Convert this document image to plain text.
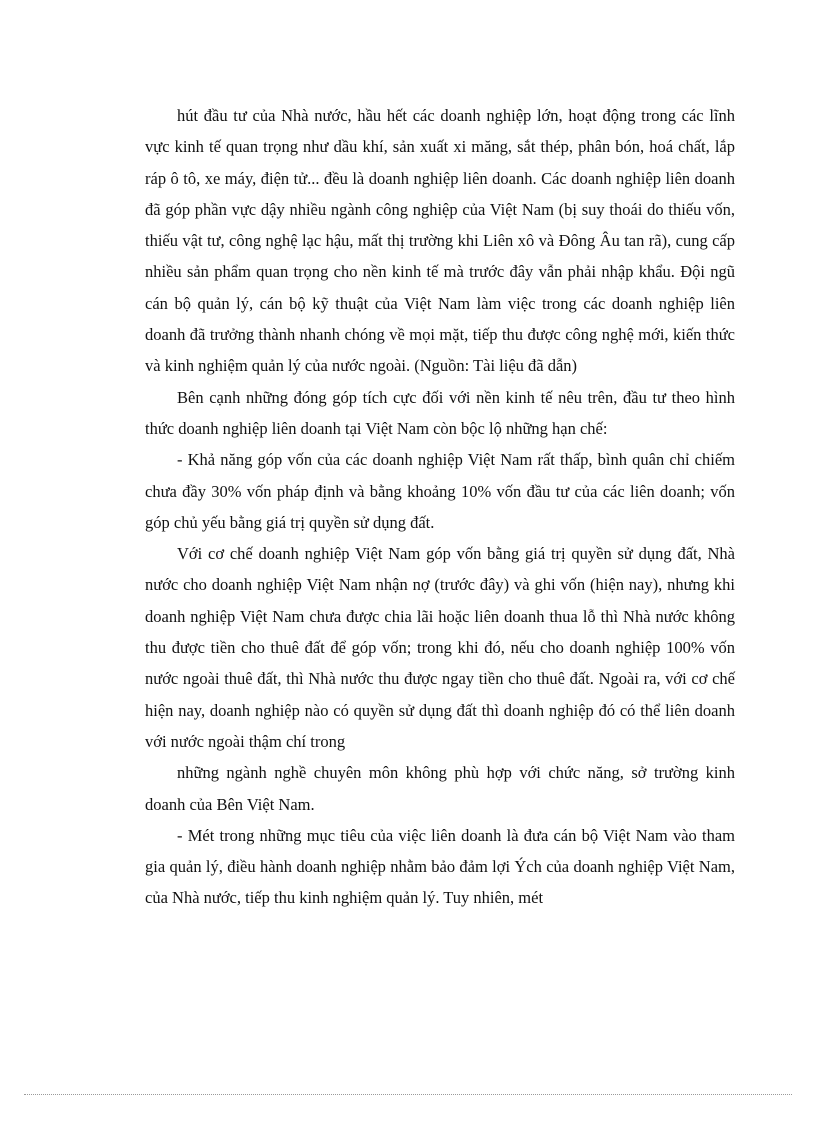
hút đầu tư của Nhà nước, hầu hết các doanh nghiệp lớn, hoạt động trong các lĩnh vực kinh tế quan trọng như dầu khí, sản xuất xi măng, sắt thép, phân bón, hoá chất, lắp ráp ô tô, xe máy, điện tử... đều là doanh nghiệp liên doanh. Các doanh nghiệp liên doanh đã góp phần vực dậy nhiều ngành công nghiệp của Việt Nam (bị suy thoái do thiếu vốn, thiếu vật tư, công nghệ lạc hậu, mất thị trường khi Liên xô và Đông Âu tan rã), cung cấp nhiều sản phẩm quan trọng cho nền kinh tế mà trước đây vẫn phải nhập khẩu. Đội ngũ cán bộ quản lý, cán bộ kỹ thuật của Việt Nam làm việc trong các doanh nghiệp liên doanh đã trưởng thành nhanh chóng về mọi mặt, tiếp thu được công nghệ mới, kiến thức và kinh nghiệm quản lý của nước ngoài. (Nguồn: Tài liệu đã dẫn)

Bên cạnh những đóng góp tích cực đối với nền kinh tế nêu trên, đầu tư theo hình thức doanh nghiệp liên doanh tại Việt Nam còn bộc lộ những hạn chế:

- Khả năng góp vốn của các doanh nghiệp Việt Nam rất thấp, bình quân chỉ chiếm chưa đầy 30% vốn pháp định và bằng khoảng 10% vốn đầu tư của các liên doanh; vốn góp chủ yếu bằng giá trị quyền sử dụng đất.

Với cơ chế doanh nghiệp Việt Nam góp vốn bằng giá trị quyền sử dụng đất, Nhà nước cho doanh nghiệp Việt Nam nhận nợ (trước đây) và ghi vốn (hiện nay), nhưng khi doanh nghiệp Việt Nam chưa được chia lãi hoặc liên doanh thua lỗ thì Nhà nước không thu được tiền cho thuê đất để góp vốn; trong khi đó, nếu cho doanh nghiệp 100% vốn nước ngoài thuê đất, thì Nhà nước thu được ngay tiền cho thuê đất. Ngoài ra, với cơ chế hiện nay, doanh nghiệp nào có quyền sử dụng đất thì doanh nghiệp đó có thể liên doanh với nước ngoài thậm chí trong

những ngành nghề chuyên môn không phù hợp với chức năng, sở trường kinh doanh của Bên Việt Nam.

- Mét trong những mục tiêu của việc liên doanh là đưa cán bộ Việt Nam vào tham gia quản lý, điều hành doanh nghiệp nhằm bảo đảm lợi Ých của doanh nghiệp Việt Nam, của Nhà nước, tiếp thu kinh nghiệm quản lý. Tuy nhiên, mét
